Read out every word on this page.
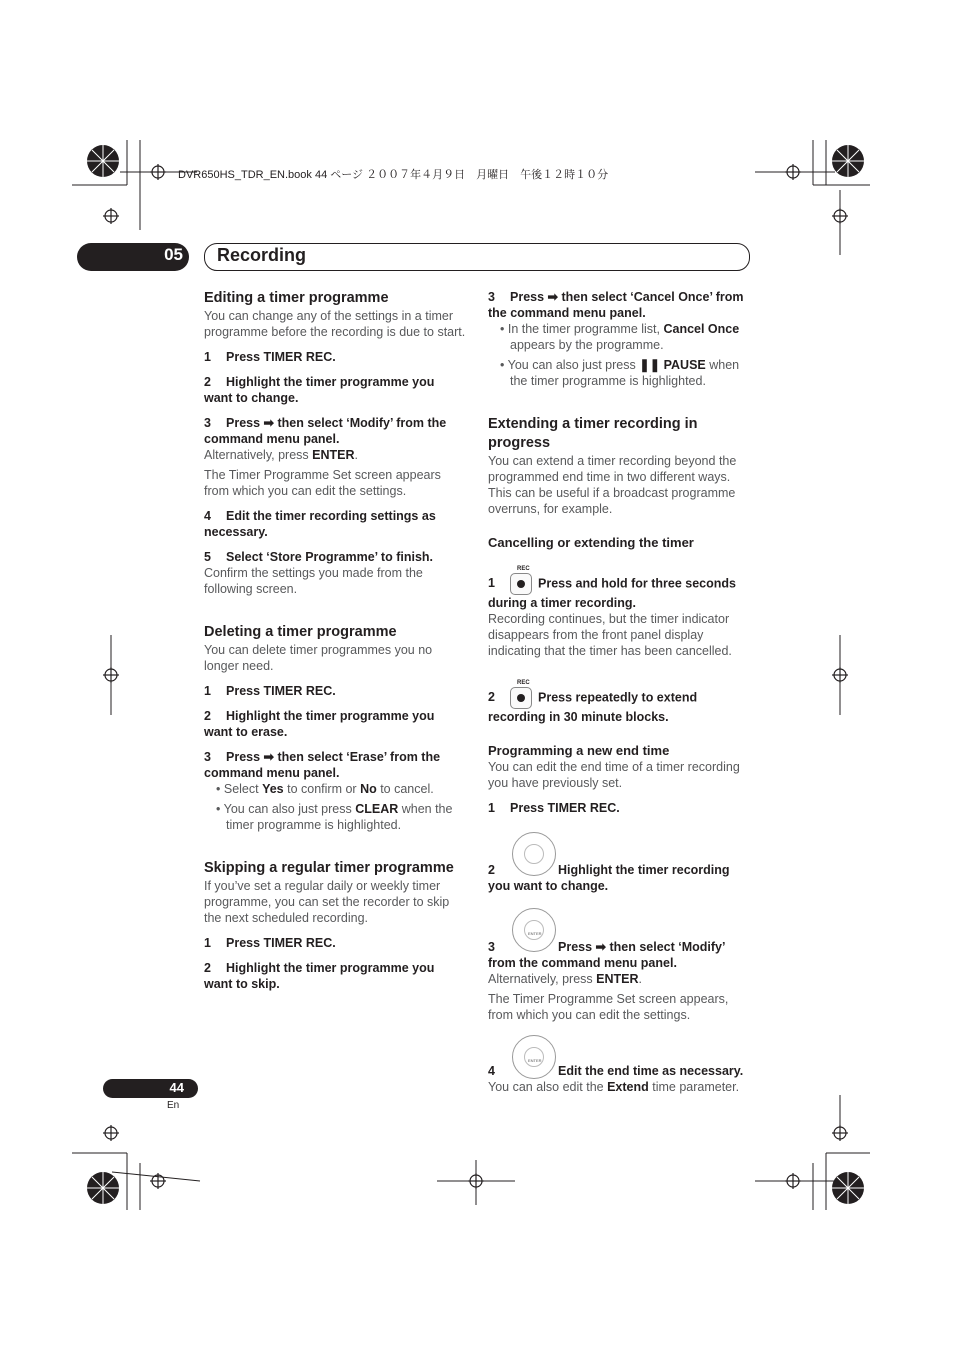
DVR650HS_TDR_EN.book 44 ページ ２００７年４月９日　月曜日　午後１２時１０分
05 Recording
Editing a timer programme
You can change any of the settings in a timer programme before the recording is due to start.
1 Press TIMER REC.
2 Highlight the timer programme you want to change.
3 Press ➡ then select ‘Modify’ from the command menu panel.
Alternatively, press ENTER.
The Timer Programme Set screen appears from which you can edit the settings.
4 Edit the timer recording settings as necessary.
5 Select ‘Store Programme’ to finish.
Confirm the settings you made from the following screen.
Deleting a timer programme
You can delete timer programmes you no longer need.
1 Press TIMER REC.
2 Highlight the timer programme you want to erase.
3 Press ➡ then select ‘Erase’ from the command menu panel.
• Select Yes to confirm or No to cancel.
• You can also just press CLEAR when the timer programme is highlighted.
Skipping a regular timer programme
If you’ve set a regular daily or weekly timer programme, you can set the recorder to skip the next scheduled recording.
1 Press TIMER REC.
2 Highlight the timer programme you want to skip.
3 Press ➡ then select ‘Cancel Once’ from the command menu panel.
• In the timer programme list, Cancel Once appears by the programme.
• You can also just press ❚❚ PAUSE when the timer programme is highlighted.
Extending a timer recording in progress
You can extend a timer recording beyond the programmed end time in two different ways. This can be useful if a broadcast programme overruns, for example.
Cancelling or extending the timer
REC
1	Press and hold for three seconds during a timer recording.
Recording continues, but the timer indicator disappears from the front panel display indicating that the timer has been cancelled.
REC
2	Press repeatedly to extend recording in 30 minute blocks.
Programming a new end time
You can edit the end time of a timer recording you have previously set.
1 Press TIMER REC.
2	Highlight the timer recording you want to change.
ENTER
3	Press ➡ then select ‘Modify’ from the command menu panel.
Alternatively, press ENTER.
The Timer Programme Set screen appears, from which you can edit the settings.
ENTER
4	Edit the end time as necessary.
You can also edit the Extend time parameter.
44
En
